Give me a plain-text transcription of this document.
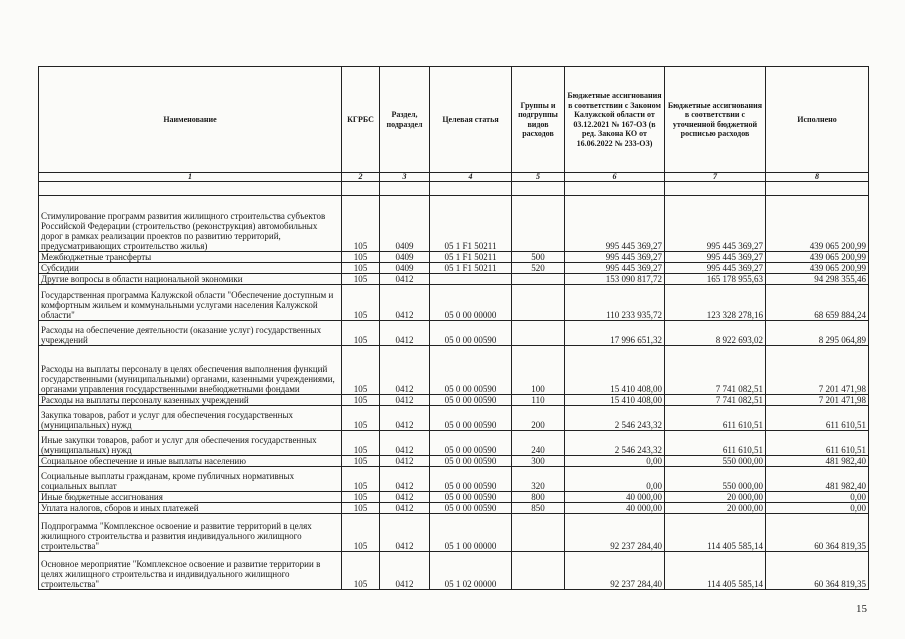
Наименование	КГРБС	Раздел, подраздел	Целевая статья	Группы и подгруппы видов расходов	Бюджетные ассигнования в соответствии с Законом Калужской области от 03.12.2021 № 167-ОЗ (в ред. Закона КО от 16.06.2022 № 233-ОЗ)	Бюджетные ассигнования в соответствии с уточненной бюджетной росписью расходов	Исполнено
1	2	3	4	5	6	7	8

Стимулирование программ развития жилищного строительства субъектов Российской Федерации (строительство (реконструкция) автомобильных дорог в рамках реализации проектов по развитию территорий, предусматривающих строительство жилья)	105	0409	05 1 F1 50211		995 445 369,27	995 445 369,27	439 065 200,99
Межбюджетные трансферты	105	0409	05 1 F1 50211	500	995 445 369,27	995 445 369,27	439 065 200,99
Субсидии	105	0409	05 1 F1 50211	520	995 445 369,27	995 445 369,27	439 065 200,99
Другие вопросы в области национальной экономики	105	0412			153 090 817,72	165 178 955,63	94 298 355,46
Государственная программа Калужской области "Обеспечение доступным и комфортным жильем и коммунальными услугами населения Калужской области"	105	0412	05 0 00 00000		110 233 935,72	123 328 278,16	68 659 884,24
Расходы на обеспечение деятельности (оказание услуг) государственных учреждений	105	0412	05 0 00 00590		17 996 651,32	8 922 693,02	8 295 064,89
Расходы на выплаты персоналу в целях обеспечения выполнения функций государственными (муниципальными) органами, казенными учреждениями, органами управления государственными внебюджетными фондами	105	0412	05 0 00 00590	100	15 410 408,00	7 741 082,51	7 201 471,98
Расходы на выплаты персоналу казенных учреждений	105	0412	05 0 00 00590	110	15 410 408,00	7 741 082,51	7 201 471,98
Закупка товаров, работ и услуг для обеспечения государственных (муниципальных) нужд	105	0412	05 0 00 00590	200	2 546 243,32	611 610,51	611 610,51
Иные закупки товаров, работ и услуг для обеспечения государственных (муниципальных) нужд	105	0412	05 0 00 00590	240	2 546 243,32	611 610,51	611 610,51
Социальное обеспечение и иные выплаты населению	105	0412	05 0 00 00590	300	0,00	550 000,00	481 982,40
Социальные выплаты гражданам, кроме публичных нормативных социальных выплат	105	0412	05 0 00 00590	320	0,00	550 000,00	481 982,40
Иные бюджетные ассигнования	105	0412	05 0 00 00590	800	40 000,00	20 000,00	0,00
Уплата налогов, сборов и иных платежей	105	0412	05 0 00 00590	850	40 000,00	20 000,00	0,00
Подпрограмма "Комплексное освоение и развитие территорий в целях жилищного строительства и развития индивидуального жилищного строительства"	105	0412	05 1 00 00000		92 237 284,40	114 405 585,14	60 364 819,35
Основное мероприятие "Комплексное освоение и развитие территории в целях жилищного строительства и индивидуального жилищного строительства"	105	0412	05 1 02 00000		92 237 284,40	114 405 585,14	60 364 819,35
15
